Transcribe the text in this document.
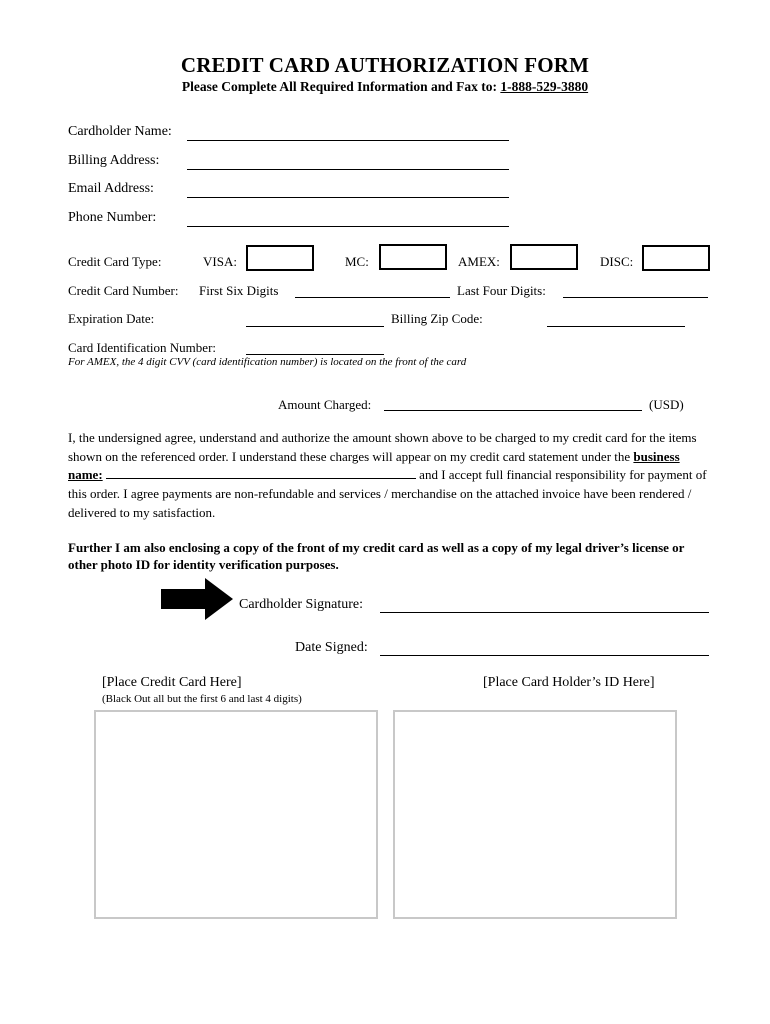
CREDIT CARD AUTHORIZATION FORM
Please Complete All Required Information and Fax to: 1-888-529-3880
Cardholder Name:
Billing Address:
Email Address:
Phone Number:
Credit Card Type:	VISA:	MC:	AMEX:	DISC:
Credit Card Number: First Six Digits	Last Four Digits:
Expiration Date:	Billing Zip Code:
Card Identification Number:
For AMEX, the 4 digit CVV (card identification number) is located on the front of the card
Amount Charged:	(USD)
I, the undersigned agree, understand and authorize the amount shown above to be charged to my credit card for the items shown on the referenced order. I understand these charges will appear on my credit card statement under the business name:	and I accept full financial responsibility for payment of this order. I agree payments are non-refundable and services / merchandise on the attached invoice have been rendered / delivered to my satisfaction.
Further I am also enclosing a copy of the front of my credit card as well as a copy of my legal driver’s license or other photo ID for identity verification purposes.
Cardholder Signature:
Date Signed:
[Place Credit Card Here]
(Black Out all but the first 6 and last 4 digits)
[Place Card Holder’s ID Here]
